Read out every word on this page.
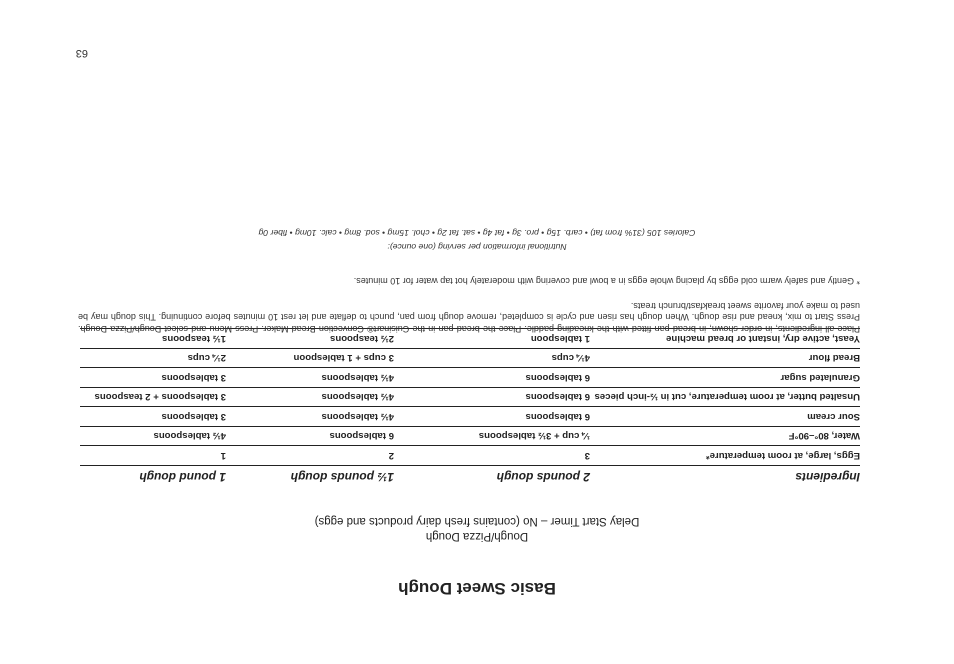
Basic Sweet Dough
Dough/Pizza Dough
Delay Start Timer – No (contains fresh dairy products and eggs)
Ingredients	2 pounds dough	1½ pounds dough	1 pound dough
Eggs, large, at room temperature*	3	2	1
Water, 80°–90°F	¼ cup + 3½ tablespoons	6 tablespoons	4½ tablespoons
Sour cream	6 tablespoons	4½ tablespoons	3 tablespoons
Unsalted butter, at room temperature, cut in ½-inch pieces	6 tablespoons	4½ tablespoons	3 tablespoons + 2 teaspoons
Granulated sugar	6 tablespoons	4½ tablespoons	3 tablespoons
Bread flour	4¼ cups	3 cups + 1 tablespoon	2¼ cups
Yeast, active dry, instant or bread machine	1 tablespoon	2½ teaspoons	1½ teaspoons
Place all ingredients, in order shown, in bread pan fitted with the kneading paddle. Place the bread pan in the Cuisinart® Convection Bread Maker. Press Menu and select Dough/Pizza Dough. Press Start to mix, knead and rise dough. When dough has risen and cycle is completed, remove dough from pan, punch to deflate and let rest 10 minutes before continuing. This dough may be used to make your favorite sweet breakfast/brunch treats.
* Gently and safely warm cold eggs by placing whole eggs in a bowl and covering with moderately hot tap water for 10 minutes.
Nutritional information per serving (one ounce):
Calories 105 (31% from fat) • carb. 15g • pro. 3g • fat 4g • sat. fat 2g • chol. 15mg • sod. 8mg • calc. 10mg • fiber 0g
63
